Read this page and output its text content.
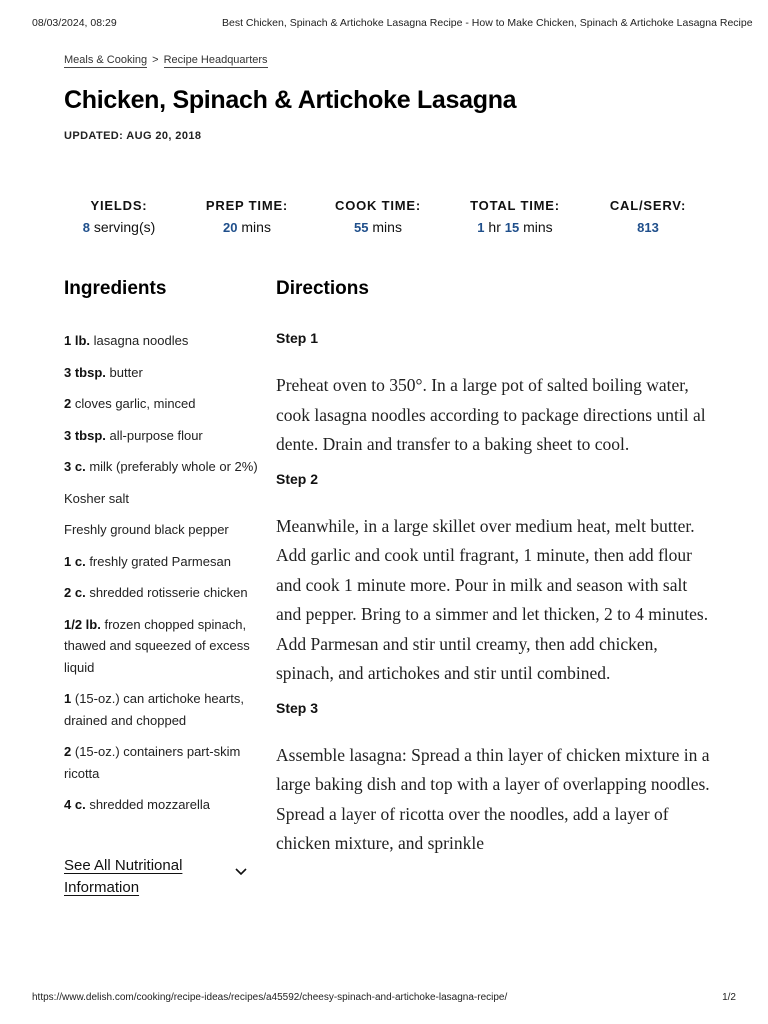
08/03/2024, 08:29	Best Chicken, Spinach & Artichoke Lasagna Recipe - How to Make Chicken, Spinach & Artichoke Lasagna Recipe
Meals & Cooking > Recipe Headquarters
Chicken, Spinach & Artichoke Lasagna
UPDATED: AUG 20, 2018
YIELDS:
8 serving(s)
PREP TIME:
20 mins
COOK TIME:
55 mins
TOTAL TIME:
1 hr 15 mins
CAL/SERV:
813
Ingredients	Directions
1 lb. lasagna noodles
3 tbsp. butter
2 cloves garlic, minced
3 tbsp. all-purpose flour
3 c. milk (preferably whole or 2%)
Kosher salt
Freshly ground black pepper
1 c. freshly grated Parmesan
2 c. shredded rotisserie chicken
1/2 lb. frozen chopped spinach, thawed and squeezed of excess liquid
1 (15-oz.) can artichoke hearts, drained and chopped
2 (15-oz.) containers part-skim ricotta
4 c. shredded mozzarella
See All Nutritional Information
Step 1

Preheat oven to 350°. In a large pot of salted boiling water, cook lasagna noodles according to package directions until al dente. Drain and transfer to a baking sheet to cool.

Step 2

Meanwhile, in a large skillet over medium heat, melt butter. Add garlic and cook until fragrant, 1 minute, then add flour and cook 1 minute more. Pour in milk and season with salt and pepper. Bring to a simmer and let thicken, 2 to 4 minutes. Add Parmesan and stir until creamy, then add chicken, spinach, and artichokes and stir until combined.

Step 3

Assemble lasagna: Spread a thin layer of chicken mixture in a large baking dish and top with a layer of overlapping noodles. Spread a layer of ricotta over the noodles, add a layer of chicken mixture, and sprinkle

https://www.delish.com/cooking/recipe-ideas/recipes/a45592/cheesy-spinach-and-artichoke-lasagna-recipe/	1/2
